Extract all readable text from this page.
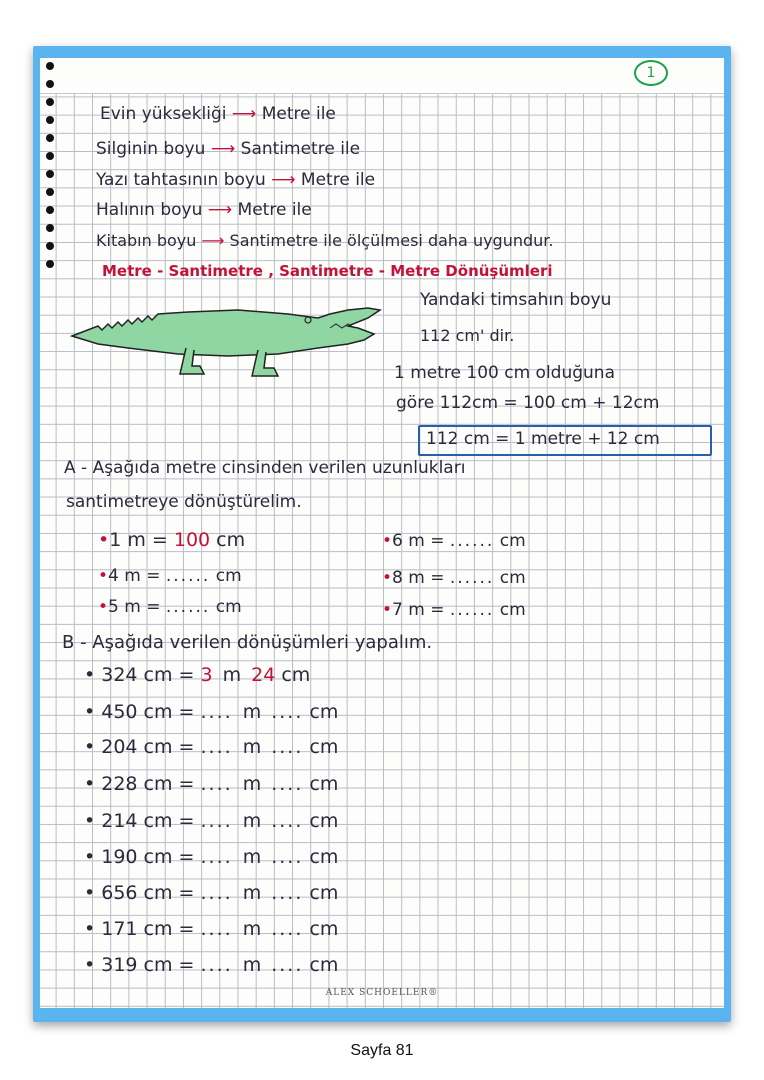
1
Evin yüksekliği ⟶ Metre ile
Silginin boyu ⟶ Santimetre ile
Yazı tahtasının boyu ⟶ Metre ile
Halının boyu ⟶ Metre ile
Kitabın boyu ⟶ Santimetre ile ölçülmesi daha uygundur.
Metre - Santimetre , Santimetre - Metre Dönüşümleri
Yandaki timsahın boyu
112 cm' dir.
1 metre 100 cm olduğuna
göre 112cm = 100 cm + 12cm
112 cm = 1 metre + 12 cm
A - Aşağıda metre cinsinden verilen uzunlukları
santimetreye dönüştürelim.
•1 m = 100 cm	•6 m = ...... cm
•4 m = ...... cm	•8 m = ...... cm
•5 m = ...... cm	•7 m = ...... cm
B - Aşağıda verilen dönüşümleri yapalım.
• 324 cm = 3 m 24 cm
• 450 cm = .... m .... cm
• 204 cm = .... m .... cm
• 228 cm = .... m .... cm
• 214 cm = .... m .... cm
• 190 cm = .... m .... cm
• 656 cm = .... m .... cm
• 171 cm = .... m .... cm
• 319 cm = .... m .... cm
ALEX SCHOELLER®
Sayfa 81
